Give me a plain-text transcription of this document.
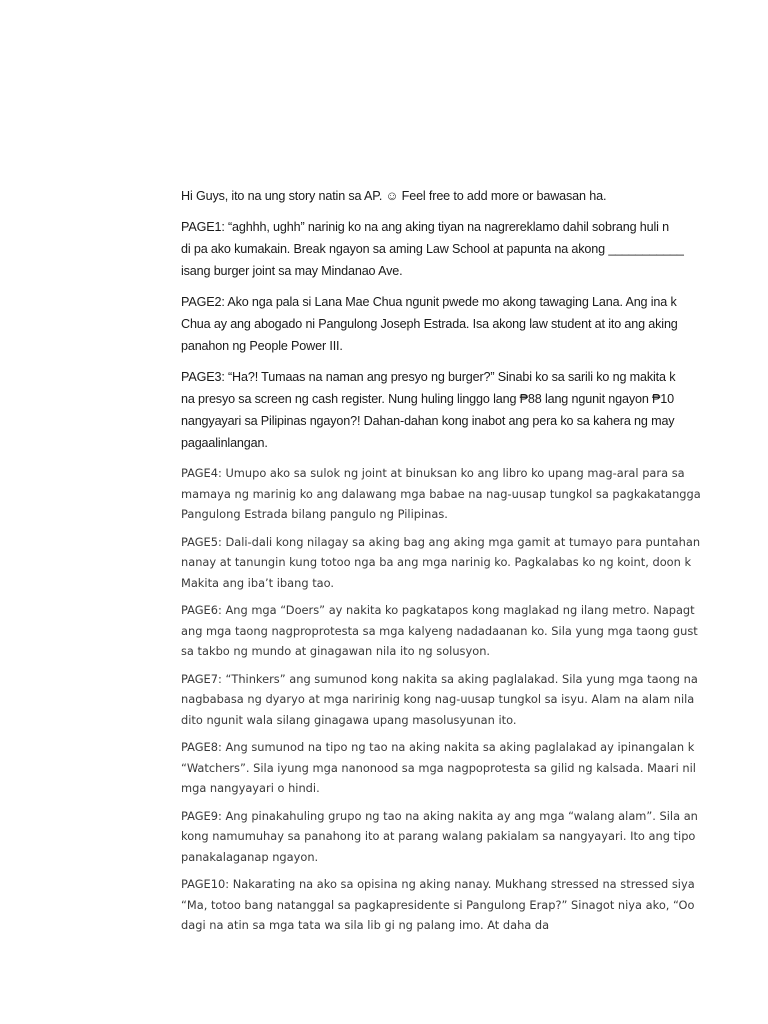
Hi Guys, ito na ung story natin sa AP. ☺ Feel free to add more or bawasan ha.

PAGE1: “aghhh, ughh” narinig ko na ang aking tiyan na nagrereklamo dahil sobrang huli n
di pa ako kumakain. Break ngayon sa aming Law School at papunta na akong ___________
isang burger joint sa may Mindanao Ave.

PAGE2: Ako nga pala si Lana Mae Chua ngunit pwede mo akong tawaging Lana. Ang ina k
Chua ay ang abogado ni Pangulong Joseph Estrada. Isa akong law student at ito ang aking
panahon ng People Power III.

PAGE3: “Ha?! Tumaas na naman ang presyo ng burger?” Sinabi ko sa sarili ko ng makita k
na presyo sa screen ng cash register. Nung huling linggo lang ₱88 lang ngunit ngayon ₱10
nangyayari sa Pilipinas ngayon?! Dahan-dahan kong inabot ang pera ko sa kahera ng may
pagaalinlangan.

PAGE4: Umupo ako sa sulok ng joint at binuksan ko ang libro ko upang mag-aral para sa
mamaya ng marinig ko ang dalawang mga babae na nag-uusap tungkol sa pagkakatangga
Pangulong Estrada bilang pangulo ng Pilipinas.

PAGE5: Dali-dali kong nilagay sa aking bag ang aking mga gamit at tumayo para puntahan
nanay at tanungin kung totoo nga ba ang mga narinig ko. Pagkalabas ko ng koint, doon k
Makita ang iba’t ibang tao.

PAGE6: Ang mga “Doers” ay nakita ko pagkatapos kong maglakad ng ilang metro. Napagt
ang mga taong nagproprotesta sa mga kalyeng nadadaanan ko. Sila yung mga taong gust
sa takbo ng mundo at ginagawan nila ito ng solusyon.

PAGE7: “Thinkers” ang sumunod kong nakita sa aking paglalakad. Sila yung mga taong na
nagbabasa ng dyaryo at mga naririnig kong nag-uusap tungkol sa isyu. Alam na alam nila
dito ngunit wala silang ginagawa upang masolusyunan ito.

PAGE8: Ang sumunod na tipo ng tao na aking nakita sa aking paglalakad ay ipinangalan k
“Watchers”. Sila iyung mga nanonood sa mga nagpoprotesta sa gilid ng kalsada. Maari nil
mga nangyayari o hindi.

PAGE9: Ang pinakahuling grupo ng tao na aking nakita ay ang mga “walang alam”. Sila an
kong namumuhay sa panahong ito at parang walang pakialam sa nangyayari. Ito ang tipo
panakalaganap ngayon.

PAGE10: Nakarating na ako sa opisina ng aking nanay. Mukhang stressed na stressed siya
“Ma, totoo bang natanggal sa pagkapresidente si Pangulong Erap?” Sinagot niya ako, “Oo
dagi na atin sa mga tata wa sila lib gi ng palang imo. At daha da
